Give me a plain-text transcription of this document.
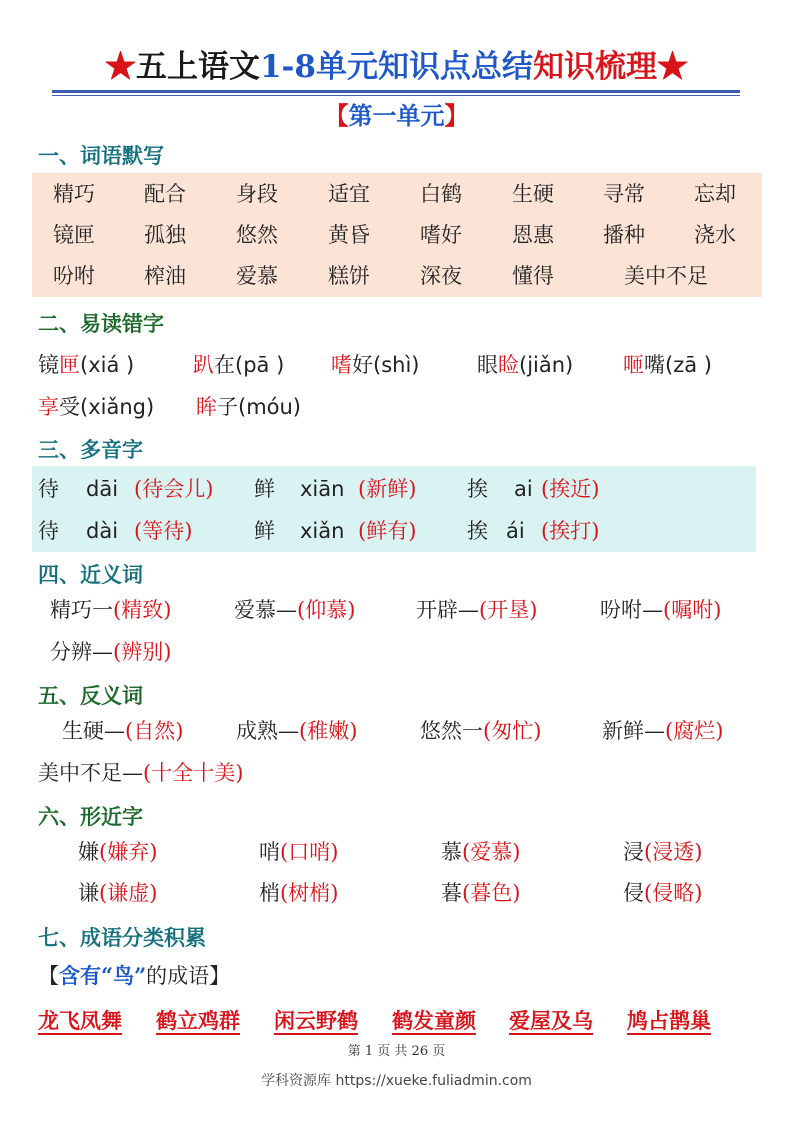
★五上语文1-8单元知识点总结知识梳理★
【第一单元】
一、词语默写
精巧 配合 身段 适宜 白鹤 生硬 寻常 忘却
镜匣 孤独 悠然 黄昏 嗜好 恩惠 播种 浇水
吩咐 榨油 爱慕 糕饼 深夜 懂得	美中不足
二、易读错字
镜匣(xiá )	趴在(pā ) 嗜好(shì)	眼睑(jiǎn) 咂嘴(zā )
享受(xiǎng) 眸子(móu)
三、多音字
待 dāi (待会儿) 鲜 xiān (新鲜) 挨 ai (挨近)
待 dài (等待)	鲜 xiǎn (鲜有) 挨 ái (挨打)
四、近义词
精巧一(精致)	爱慕—(仰慕)	开辟—(开垦)	吩咐—(嘱咐)
分辨—(辨别)
五、反义词
生硬—(自然)	成熟—(稚嫩)	悠然一(匆忙)	新鲜—(腐烂)
美中不足—(十全十美)
六、形近字
嫌(嫌弃)	哨(口哨)	慕(爱慕)	浸(浸透)
谦(谦虚)	梢(树梢)	暮(暮色)	侵(侵略)
七、成语分类积累
【含有“鸟”的成语】
龙飞凤舞 鹤立鸡群 闲云野鹤 鹤发童颜 爱屋及乌 鸠占鹊巢
第 1 页 共 26 页
学科资源库 https://xueke.fuliadmin.com
